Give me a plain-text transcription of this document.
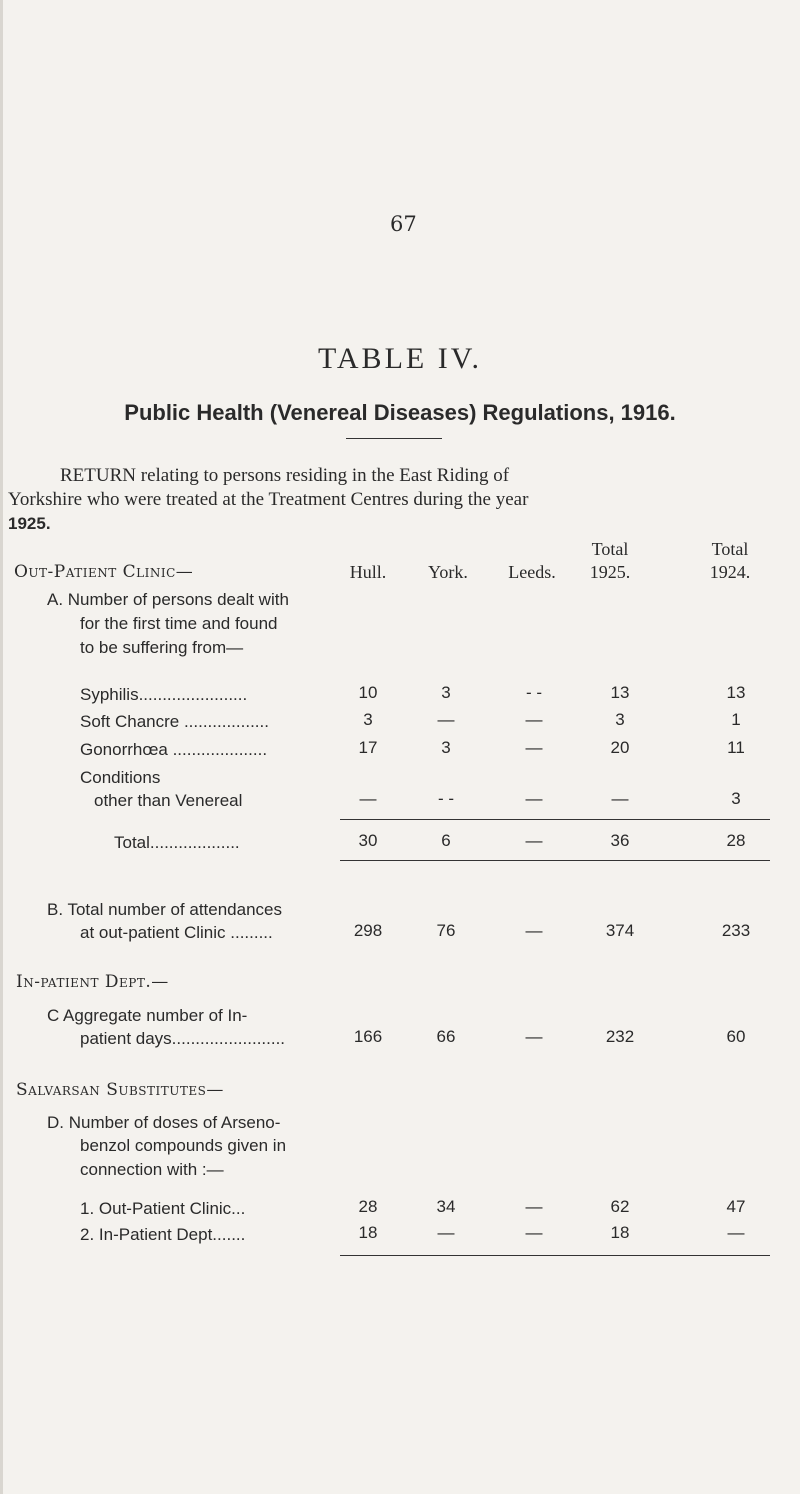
67
TABLE IV.
Public Health (Venereal Diseases) Regulations, 1916.
RETURN relating to persons residing in the East Riding of
Yorkshire who were treated at the Treatment Centres during the year
1925.
Total	Total
Out-Patient Clinic—	Hull.	York.	Leeds.	1925.	1924.
A. Number of persons dealt with
for the first time and found
to be suffering from—
Syphilis.......................	10	3	- -	13	13
Soft Chancre ..................	3	—	—	3	1
Gonorrhœa ....................	17	3	—	20	11
Conditions
other than Venereal	—	- -	—	—	3
Total...................	30	6	—	36	28
B. Total number of attendances
at out-patient Clinic .........	298	76	—	374	233
In-patient Dept.—
C Aggregate number of In-
patient days........................	166	66	—	232	60
Salvarsan Substitutes—
D. Number of doses of Arseno-
benzol compounds given in
connection with :—
1. Out-Patient Clinic...	28	34	—	62	47
2. In-Patient Dept.......	18	—	—	18	—
